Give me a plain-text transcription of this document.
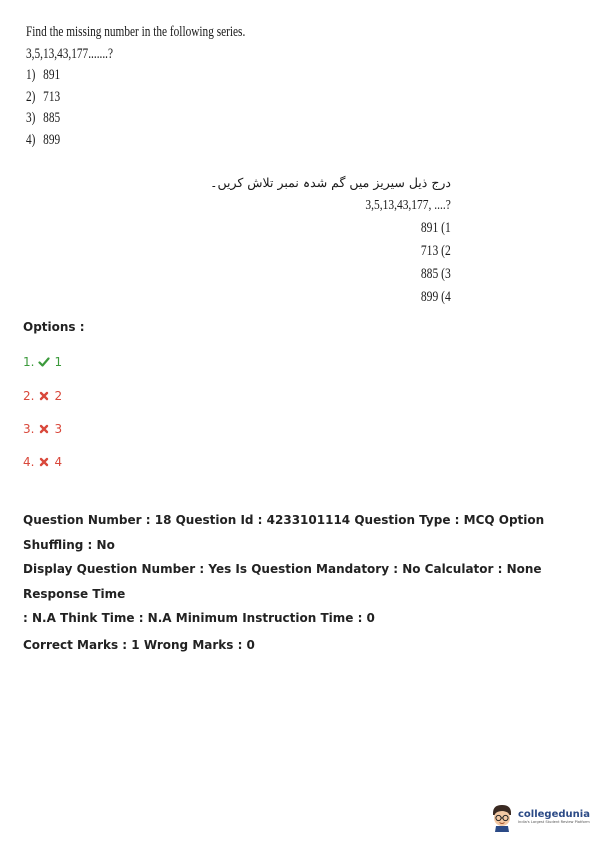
Find the missing number in the following series.
3,5,13,43,177.......?
1) 891
2) 713
3) 885
4) 899
درج ذیل سیریز میں گم شدہ نمبر تلاش کریں۔
3,5,13,43,177, ....?
891 (1
713 (2
885 (3
899 (4
Options :
1. 1
2. 2
3. 3
4. 4
Question Number : 18 Question Id : 4233101114 Question Type : MCQ Option Shuffling : No
Display Question Number : Yes Is Question Mandatory : No Calculator : None Response Time
: N.A Think Time : N.A Minimum Instruction Time : 0
Correct Marks : 1 Wrong Marks : 0
collegedunia
India's Largest Student Review Platform
